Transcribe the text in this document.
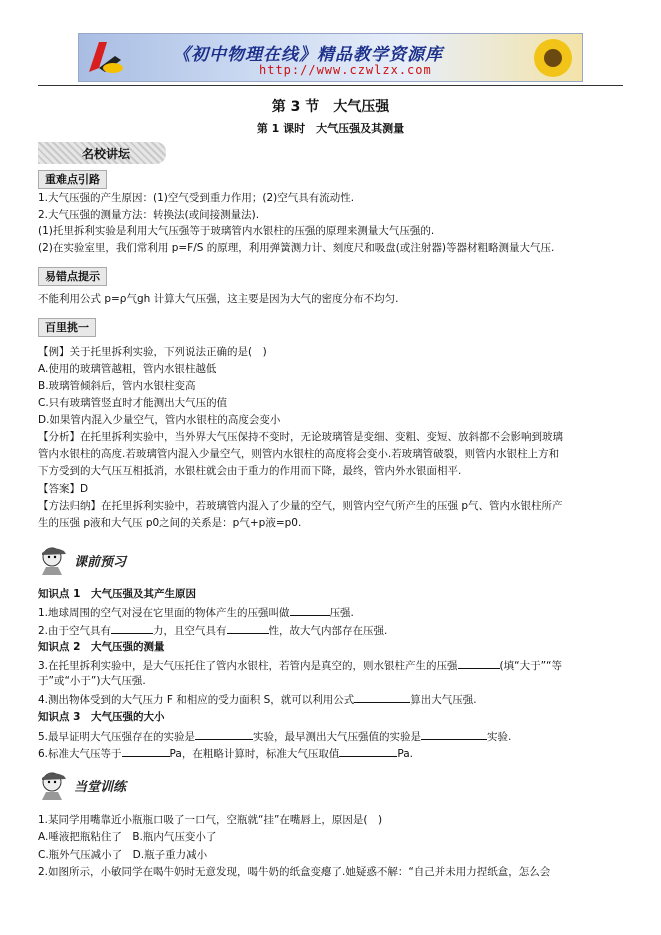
《初中物理在线》精品教学资源库
http://www.czwlzx.com
第 3 节　大气压强
第 1 课时　大气压强及其测量
名校讲坛
重难点引路
1.大气压强的产生原因：(1)空气受到重力作用；(2)空气具有流动性.
2.大气压强的测量方法：转换法(或间接测量法).
(1)托里拆利实验是利用大气压强等于玻璃管内水银柱的压强的原理来测量大气压强的.
(2)在实验室里，我们常利用 p=F/S 的原理，利用弹簧测力计、刻度尺和吸盘(或注射器)等器材粗略测量大气压.
易错点提示
不能利用公式 p=ρ气gh 计算大气压强，这主要是因为大气的密度分布不均匀.
百里挑一
【例】关于托里拆利实验，下列说法正确的是(　)
A.使用的玻璃管越粗，管内水银柱越低
B.玻璃管倾斜后，管内水银柱变高
C.只有玻璃管竖直时才能测出大气压的值
D.如果管内混入少量空气，管内水银柱的高度会变小
【分析】在托里拆利实验中，当外界大气压保持不变时，无论玻璃管是变细、变粗、变短、放斜都不会影响到玻璃
管内水银柱的高度.若玻璃管内混入少量空气，则管内水银柱的高度将会变小.若玻璃管破裂，则管内水银柱上方和
下方受到的大气压互相抵消，水银柱就会由于重力的作用而下降，最终，管内外水银面相平.
【答案】D
【方法归纳】在托里拆利实验中，若玻璃管内混入了少量的空气，则管内空气所产生的压强 p气、管内水银柱所产
生的压强 p液和大气压 p0之间的关系是：p气+p液=p0.
课前预习
知识点 1　大气压强及其产生原因
1.地球周围的空气对浸在它里面的物体产生的压强叫做	压强.
2.由于空气具有	力，且空气具有	性，故大气内部存在压强.
知识点 2　大气压强的测量
3.在托里拆利实验中，是大气压托住了管内水银柱，若管内是真空的，则水银柱产生的压强	(填“大于”“等
于”或“小于”)大气压强.
4.测出物体受到的大气压力 F 和相应的受力面积 S，就可以利用公式	算出大气压强.
知识点 3　大气压强的大小
5.最早证明大气压强存在的实验是	实验，最早测出大气压强值的实验是	实验.
6.标准大气压等于	Pa，在粗略计算时，标准大气压取值	Pa.
当堂训练
1.某同学用嘴靠近小瓶瓶口吸了一口气，空瓶就“挂”在嘴唇上，原因是(　)
A.唾液把瓶粘住了　B.瓶内气压变小了
C.瓶外气压减小了　D.瓶子重力减小
2.如图所示，小敏同学在喝牛奶时无意发现，喝牛奶的纸盒变瘪了.她疑惑不解：“自己并未用力捏纸盒，怎么会
